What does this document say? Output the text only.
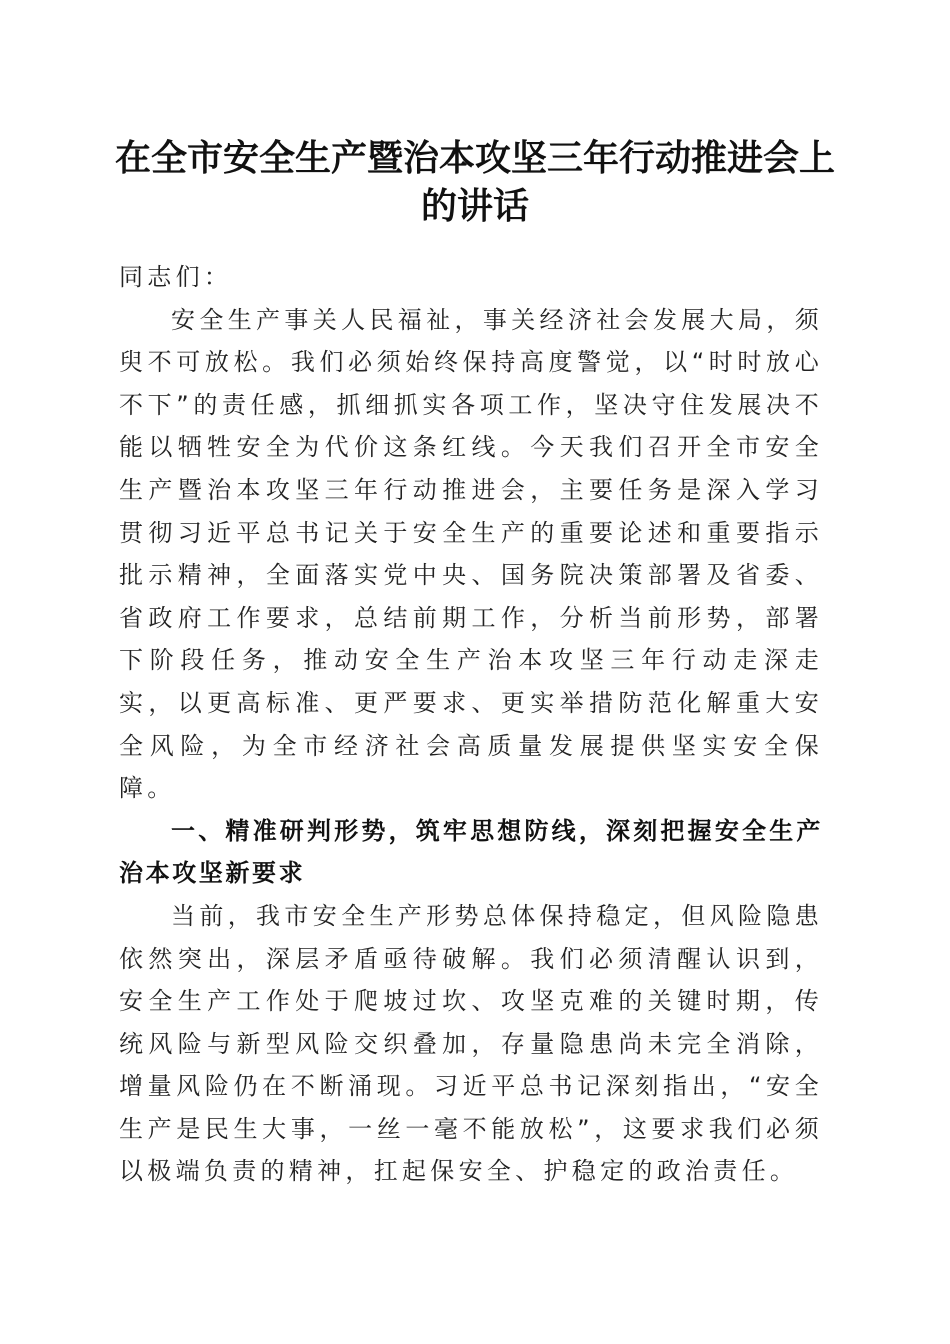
在全市安全生产暨治本攻坚三年行动推进会上的讲话

同志们：

安全生产事关人民福祉，事关经济社会发展大局，须臾不可放松。我们必须始终保持高度警觉，以“时时放心不下”的责任感，抓细抓实各项工作，坚决守住发展决不能以牺牲安全为代价这条红线。今天我们召开全市安全生产暨治本攻坚三年行动推进会，主要任务是深入学习贯彻习近平总书记关于安全生产的重要论述和重要指示批示精神，全面落实党中央、国务院决策部署及省委、省政府工作要求，总结前期工作，分析当前形势，部署下阶段任务，推动安全生产治本攻坚三年行动走深走实，以更高标准、更严要求、更实举措防范化解重大安全风险，为全市经济社会高质量发展提供坚实安全保障。

一、精准研判形势，筑牢思想防线，深刻把握安全生产治本攻坚新要求

当前，我市安全生产形势总体保持稳定，但风险隐患依然突出，深层矛盾亟待破解。我们必须清醒认识到，安全生产工作处于爬坡过坎、攻坚克难的关键时期，传统风险与新型风险交织叠加，存量隐患尚未完全消除，增量风险仍在不断涌现。习近平总书记深刻指出，“安全生产是民生大事，一丝一毫不能放松”，这要求我们必须以极端负责的精神，扛起保安全、护稳定的政治责任。
